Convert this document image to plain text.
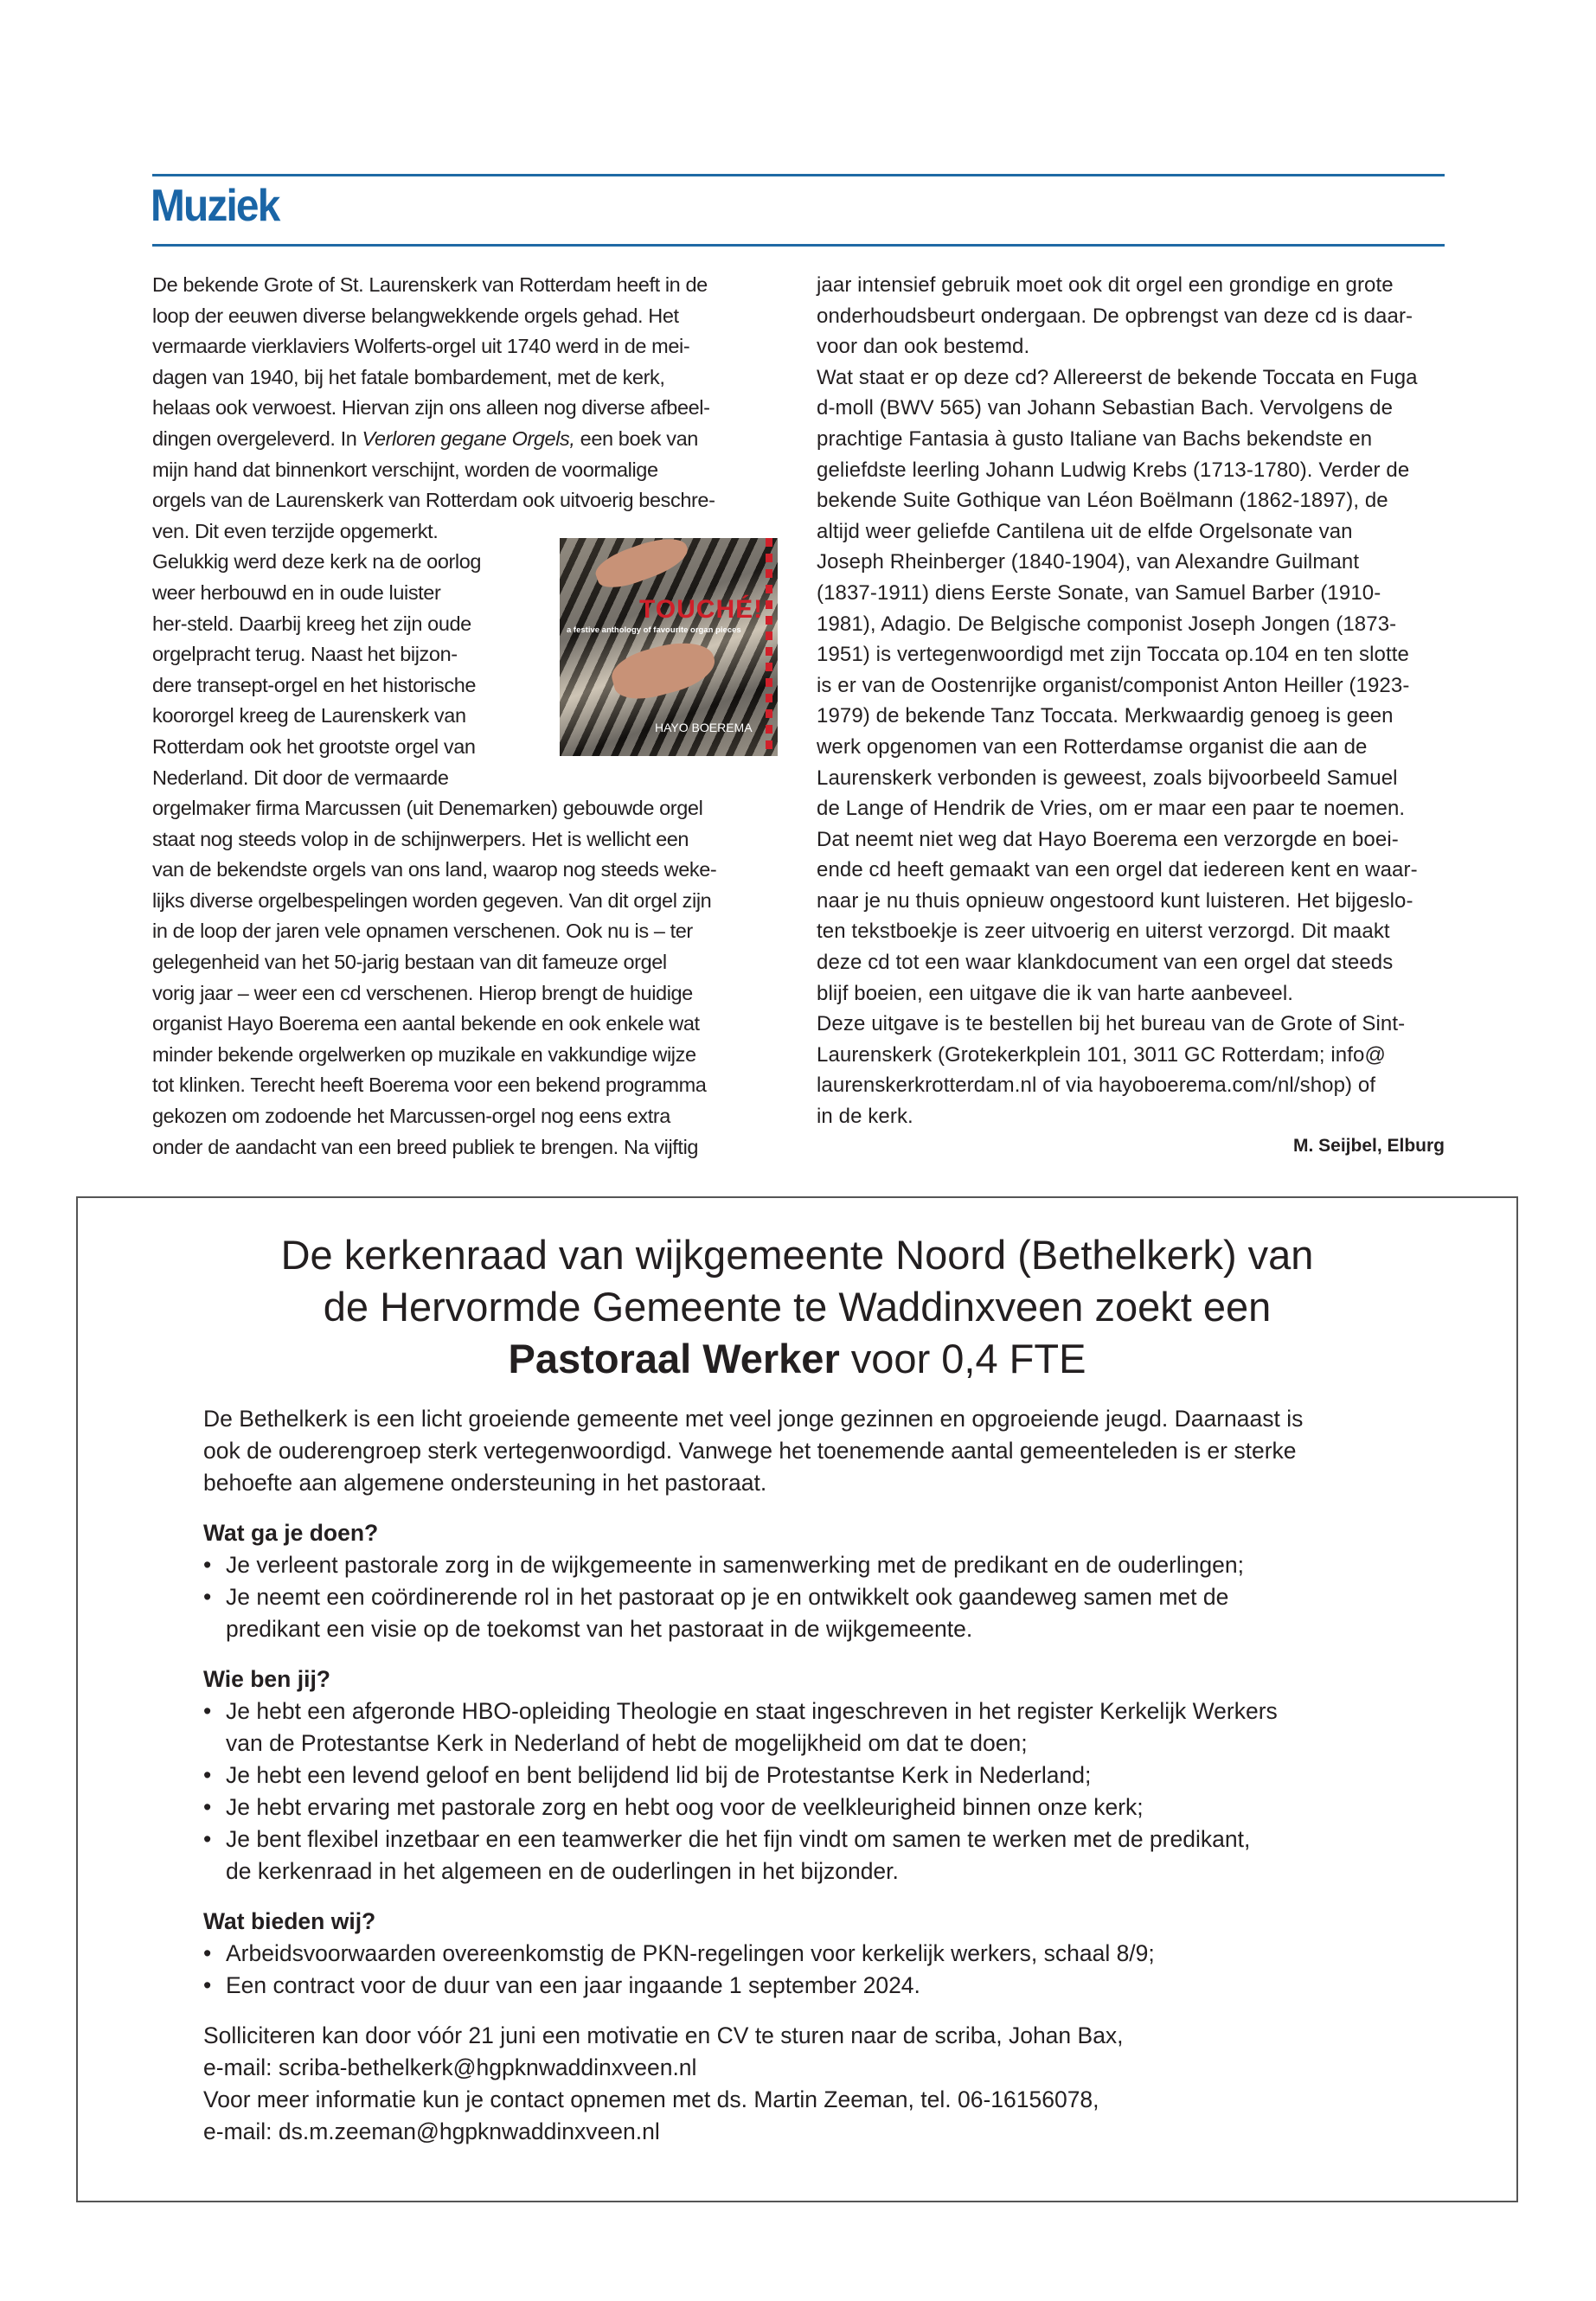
Muziek
De bekende Grote of St. Laurenskerk van Rotterdam heeft in de
loop der eeuwen diverse belangwekkende orgels gehad. Het
vermaarde vierklaviers Wolferts-orgel uit 1740 werd in de mei-
dagen van 1940, bij het fatale bombardement, met de kerk,
helaas ook verwoest. Hiervan zijn ons alleen nog diverse afbeel-
dingen overgeleverd. In Verloren gegane Orgels, een boek van
mijn hand dat binnenkort verschijnt, worden de voormalige
orgels van de Laurenskerk van Rotterdam ook uitvoerig beschre-
ven. Dit even terzijde opgemerkt.
Gelukkig werd deze kerk na de oorlog
weer herbouwd en in oude luister
her-steld. Daarbij kreeg het zijn oude
orgelpracht terug. Naast het bijzon-
dere transept-orgel en het historische
koororgel kreeg de Laurenskerk van
Rotterdam ook het grootste orgel van
Nederland. Dit door de vermaarde
orgelmaker firma Marcussen (uit Denemarken) gebouwde orgel
staat nog steeds volop in de schijnwerpers. Het is wellicht een
van de bekendste orgels van ons land, waarop nog steeds weke-
lijks diverse orgelbespelingen worden gegeven. Van dit orgel zijn
in de loop der jaren vele opnamen verschenen. Ook nu is – ter
gelegenheid van het 50-jarig bestaan van dit fameuze orgel
vorig jaar – weer een cd verschenen. Hierop brengt de huidige
organist Hayo Boerema een aantal bekende en ook enkele wat
minder bekende orgelwerken op muzikale en vakkundige wijze
tot klinken. Terecht heeft Boerema voor een bekend programma
gekozen om zodoende het Marcussen-orgel nog eens extra
onder de aandacht van een breed publiek te brengen. Na vijftig
jaar intensief gebruik moet ook dit orgel een grondige en grote
onderhoudsbeurt ondergaan. De opbrengst van deze cd is daar-
voor dan ook bestemd.
Wat staat er op deze cd? Allereerst de bekende Toccata en Fuga
d-moll (BWV 565) van Johann Sebastian Bach. Vervolgens de
prachtige Fantasia à gusto Italiane van Bachs bekendste en
geliefdste leerling Johann Ludwig Krebs (1713-1780). Verder de
bekende Suite Gothique van Léon Boëlmann (1862-1897), de
altijd weer geliefde Cantilena uit de elfde Orgelsonate van
Joseph Rheinberger (1840-1904), van Alexandre Guilmant
(1837-1911) diens Eerste Sonate, van Samuel Barber (1910-
1981), Adagio. De Belgische componist Joseph Jongen (1873-
1951) is vertegenwoordigd met zijn Toccata op.104 en ten slotte
is er van de Oostenrijke organist/componist Anton Heiller (1923-
1979) de bekende Tanz Toccata. Merkwaardig genoeg is geen
werk opgenomen van een Rotterdamse organist die aan de
Laurenskerk verbonden is geweest, zoals bijvoorbeeld Samuel
de Lange of Hendrik de Vries, om er maar een paar te noemen.
Dat neemt niet weg dat Hayo Boerema een verzorgde en boei-
ende cd heeft gemaakt van een orgel dat iedereen kent en waar-
naar je nu thuis opnieuw ongestoord kunt luisteren. Het bijgeslo-
ten tekstboekje is zeer uitvoerig en uiterst verzorgd. Dit maakt
deze cd tot een waar klankdocument van een orgel dat steeds
blijf boeien, een uitgave die ik van harte aanbeveel.
Deze uitgave is te bestellen bij het bureau van de Grote of Sint-
Laurenskerk (Grotekerkplein 101, 3011 GC Rotterdam; info@
laurenskerkrotterdam.nl of via hayoboerema.com/nl/shop) of
in de kerk.
TOUCHÉ!
a festive anthology of favourite organ pieces
HAYO BOEREMA
M. Seijbel, Elburg
De kerkenraad van wijkgemeente Noord (Bethelkerk) van
de Hervormde Gemeente te Waddinxveen zoekt een
Pastoraal Werker voor 0,4 FTE
De Bethelkerk is een licht groeiende gemeente met veel jonge gezinnen en opgroeiende jeugd. Daarnaast is
ook de ouderengroep sterk vertegenwoordigd. Vanwege het toenemende aantal gemeenteleden is er sterke
behoefte aan algemene ondersteuning in het pastoraat.
Wat ga je doen?
• Je verleent pastorale zorg in de wijkgemeente in samenwerking met de predikant en de ouderlingen;
• Je neemt een coördinerende rol in het pastoraat op je en ontwikkelt ook gaandeweg samen met de
predikant een visie op de toekomst van het pastoraat in de wijkgemeente.
Wie ben jij?
• Je hebt een afgeronde HBO-opleiding Theologie en staat ingeschreven in het register Kerkelijk Werkers
van de Protestantse Kerk in Nederland of hebt de mogelijkheid om dat te doen;
• Je hebt een levend geloof en bent belijdend lid bij de Protestantse Kerk in Nederland;
• Je hebt ervaring met pastorale zorg en hebt oog voor de veelkleurigheid binnen onze kerk;
• Je bent flexibel inzetbaar en een teamwerker die het fijn vindt om samen te werken met de predikant,
de kerkenraad in het algemeen en de ouderlingen in het bijzonder.
Wat bieden wij?
• Arbeidsvoorwaarden overeenkomstig de PKN-regelingen voor kerkelijk werkers, schaal 8/9;
• Een contract voor de duur van een jaar ingaande 1 september 2024.
Solliciteren kan door vóór 21 juni een motivatie en CV te sturen naar de scriba, Johan Bax,
e-mail: scriba-bethelkerk@hgpknwaddinxveen.nl
Voor meer informatie kun je contact opnemen met ds. Martin Zeeman, tel. 06-16156078,
e-mail: ds.m.zeeman@hgpknwaddinxveen.nl
